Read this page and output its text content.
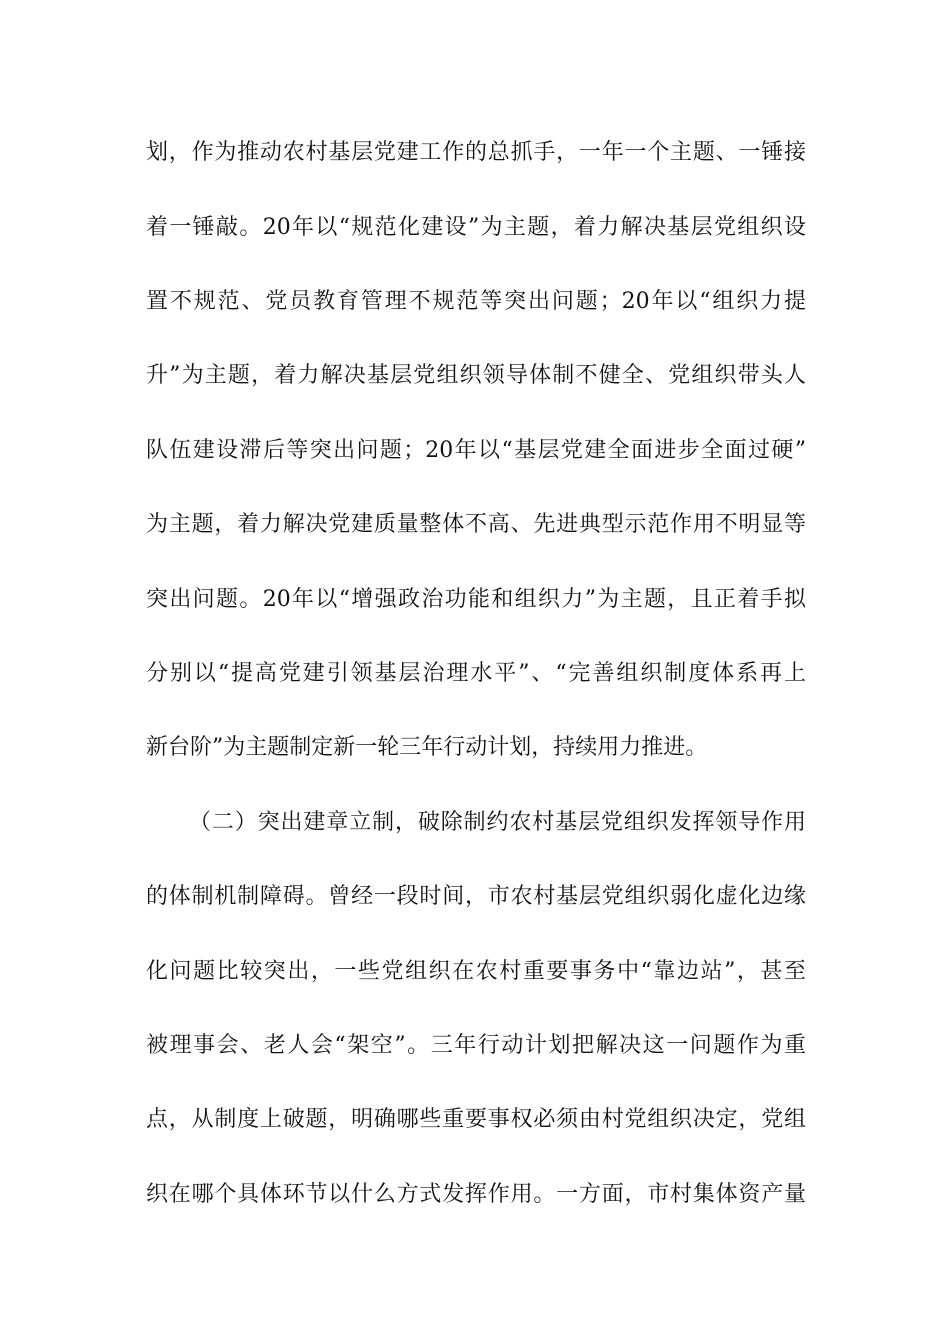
划，作为推动农村基层党建工作的总抓手，一年一个主题、一锤接
着一锤敲。20年以“规范化建设”为主题，着力解决基层党组织设
置不规范、党员教育管理不规范等突出问题；20年以“组织力提
升”为主题，着力解决基层党组织领导体制不健全、党组织带头人
队伍建设滞后等突出问题；20年以“基层党建全面进步全面过硬”
为主题，着力解决党建质量整体不高、先进典型示范作用不明显等
突出问题。20年以“增强政治功能和组织力”为主题，且正着手拟
分别以“提高党建引领基层治理水平”、“完善组织制度体系再上
新台阶”为主题制定新一轮三年行动计划，持续用力推进。
（二）突出建章立制，破除制约农村基层党组织发挥领导作用
的体制机制障碍。曾经一段时间，市农村基层党组织弱化虚化边缘
化问题比较突出，一些党组织在农村重要事务中“靠边站”，甚至
被理事会、老人会“架空”。三年行动计划把解决这一问题作为重
点，从制度上破题，明确哪些重要事权必须由村党组织决定，党组
织在哪个具体环节以什么方式发挥作用。一方面，市村集体资产量
